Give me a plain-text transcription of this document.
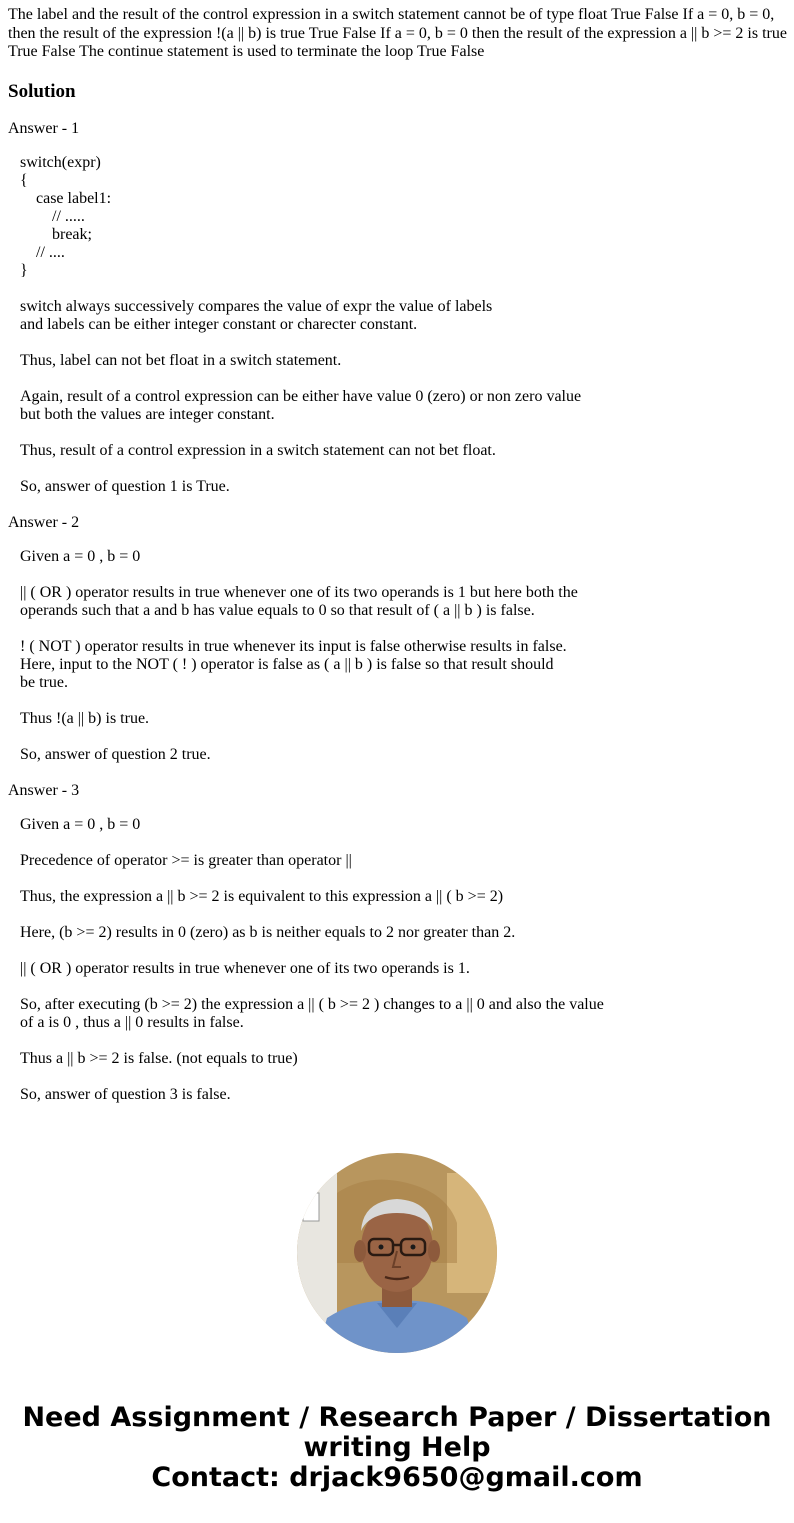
The label and the result of the control expression in a switch statement cannot be of type float True False If a = 0, b = 0, then the result of the expression !(a || b) is true True False If a = 0, b = 0 then the result of the expression a || b >= 2 is true True False The continue statement is used to terminate the loop True False
Solution
Answer - 1
switch(expr)
{
case label1:
// .....
break;
// ....
}
switch always successively compares the value of expr the value of labels
and labels can be either integer constant or charecter constant.
Thus, label can not bet float in a switch statement.
Again, result of a control expression can be either have value 0 (zero) or non zero value
but both the values are integer constant.
Thus, result of a control expression in a switch statement can not bet float.
So, answer of question 1 is True.
Answer - 2
Given a = 0 , b = 0
|| ( OR ) operator results in true whenever one of its two operands is 1 but here both the
operands such that a and b has value equals to 0 so that result of ( a || b ) is false.
! ( NOT ) operator results in true whenever its input is false otherwise results in false.
Here, input to the NOT ( ! ) operator is false as ( a || b ) is false so that result should
be true.
Thus !(a || b) is true.
So, answer of question 2 true.
Answer - 3
Given a = 0 , b = 0
Precedence of operator >= is greater than operator ||
Thus, the expression a || b >= 2 is equivalent to this expression a || ( b >= 2)
Here, (b >= 2) results in 0 (zero) as b is neither equals to 2 nor greater than 2.
|| ( OR ) operator results in true whenever one of its two operands is 1.
So, after executing (b >= 2) the expression a || ( b >= 2 ) changes to a || 0 and also the value
of a is 0 , thus a || 0 results in false.
Thus a || b >= 2 is false. (not equals to true)
So, answer of question 3 is false.
Need Assignment / Research Paper / Dissertation
writing Help
Contact: drjack9650@gmail.com
